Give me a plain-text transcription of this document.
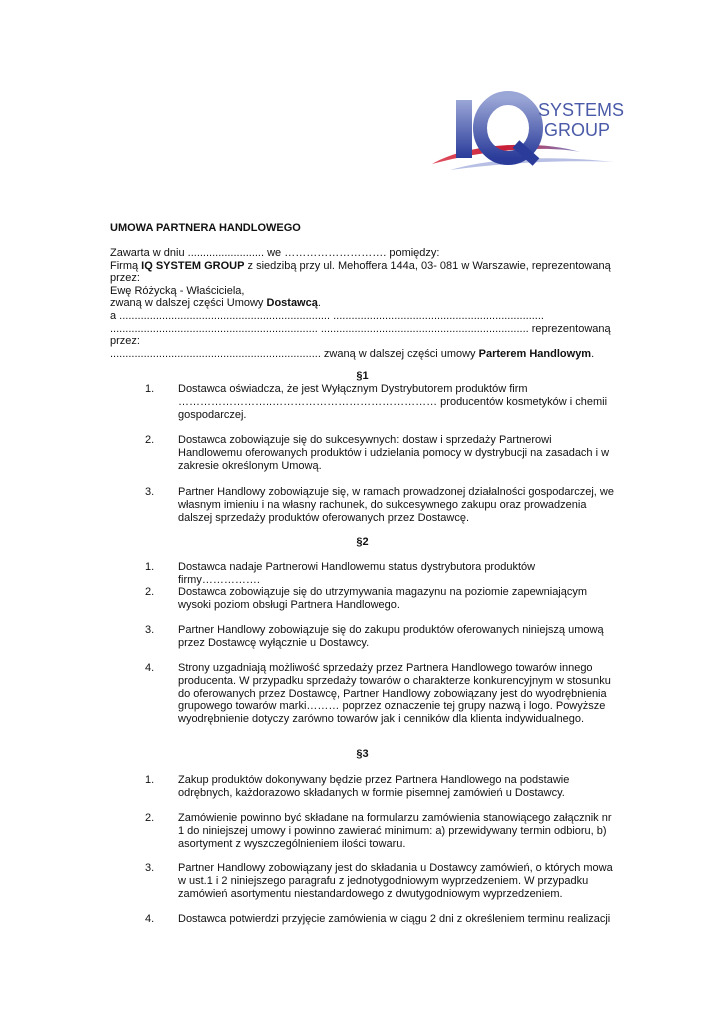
SYSTEMS
GROUP
UMOWA PARTNERA HANDLOWEGO

Zawarta w dniu ......................... we ………………………. pomiędzy:

Firmą IQ SYSTEM GROUP z siedzibą przy ul. Mehoffera 144a, 03- 081 w Warszawie, reprezentowaną

przez:

Ewę Różycką - Właściciela,

zwaną w dalszej części Umowy Dostawcą.

a ..................................................................... .....................................................................

.................................................................... .................................................................... reprezentowaną

przez:

..................................................................... zwaną w dalszej części umowy Parterem Handlowym.

§1
1.	Dostawca oświadcza, że jest Wyłącznym Dystrybutorem produktów firm ……………………..……………………………………… producentów kosmetyków i chemii gospodarczej.
2.	Dostawca zobowiązuje się do sukcesywnych: dostaw i sprzedaży Partnerowi Handlowemu oferowanych produktów i udzielania pomocy w dystrybucji na zasadach i w zakresie określonym Umową.
3.	Partner Handlowy zobowiązuje się, w ramach prowadzonej działalności gospodarczej, we własnym imieniu i na własny rachunek, do sukcesywnego zakupu oraz prowadzenia dalszej sprzedaży produktów oferowanych przez Dostawcę.
§2
1.	Dostawca nadaje Partnerowi Handlowemu status dystrybutora produktów firmy…………….
2.	Dostawca zobowiązuje się do utrzymywania magazynu na poziomie zapewniającym wysoki poziom obsługi Partnera Handlowego.
3.	Partner Handlowy zobowiązuje się do zakupu produktów oferowanych niniejszą umową przez Dostawcę wyłącznie u Dostawcy.
4.	Strony uzgadniają możliwość sprzedaży przez Partnera Handlowego towarów innego producenta. W przypadku sprzedaży towarów o charakterze konkurencyjnym w stosunku do oferowanych przez Dostawcę, Partner Handlowy zobowiązany jest do wyodrębnienia grupowego towarów marki……… poprzez oznaczenie tej grupy nazwą i logo. Powyższe wyodrębnienie dotyczy zarówno towarów jak i cenników dla klienta indywidualnego.
§3
1.	Zakup produktów dokonywany będzie przez Partnera Handlowego na podstawie odrębnych, każdorazowo składanych w formie pisemnej zamówień u Dostawcy.
2.	Zamówienie powinno być składane na formularzu zamówienia stanowiącego załącznik nr 1 do niniejszej umowy i powinno zawierać minimum: a) przewidywany termin odbioru, b) asortyment z wyszczególnieniem ilości towaru.
3.	Partner Handlowy zobowiązany jest do składania u Dostawcy zamówień, o których mowa w ust.1 i 2 niniejszego paragrafu z jednotygodniowym wyprzedzeniem. W przypadku zamówień asortymentu niestandardowego z dwutygodniowym wyprzedzeniem.
4.	Dostawca potwierdzi przyjęcie zamówienia w ciągu 2 dni z określeniem terminu realizacji
